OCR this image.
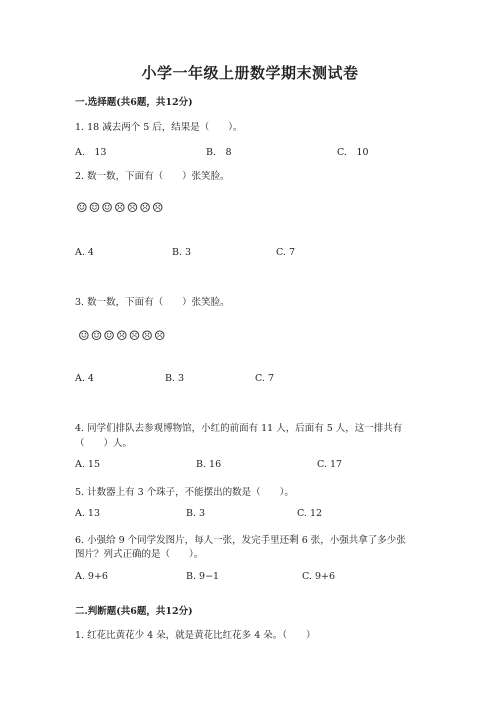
小学一年级上册数学期末测试卷
一.选择题(共6题，共12分)
1. 18 减去两个 5 后，结果是（　　）。
A.　13	B.　8	C.　10
2. 数一数，下面有（　　）张笑脸。
☺☺☺☹☹☹☹
A. 4	B. 3	C. 7
3. 数一数，下面有（　　）张笑脸。
☺☺☺☹☹☹☹
A. 4	B. 3	C. 7
4. 同学们排队去参观博物馆，小红的前面有 11 人，后面有 5 人，这一排共有
（　　）人。
A. 15	B. 16	C. 17
5. 计数器上有 3 个珠子，不能摆出的数是（　　）。
A. 13	B. 3	C. 12
6. 小强给 9 个同学发图片，每人一张，发完手里还剩 6 张，小强共拿了多少张
图片？列式正确的是（　　）。
A. 9+6	B. 9−1	C. 9+6
二.判断题(共6题，共12分)
1. 红花比黄花少 4 朵，就是黄花比红花多 4 朵。（　　）
